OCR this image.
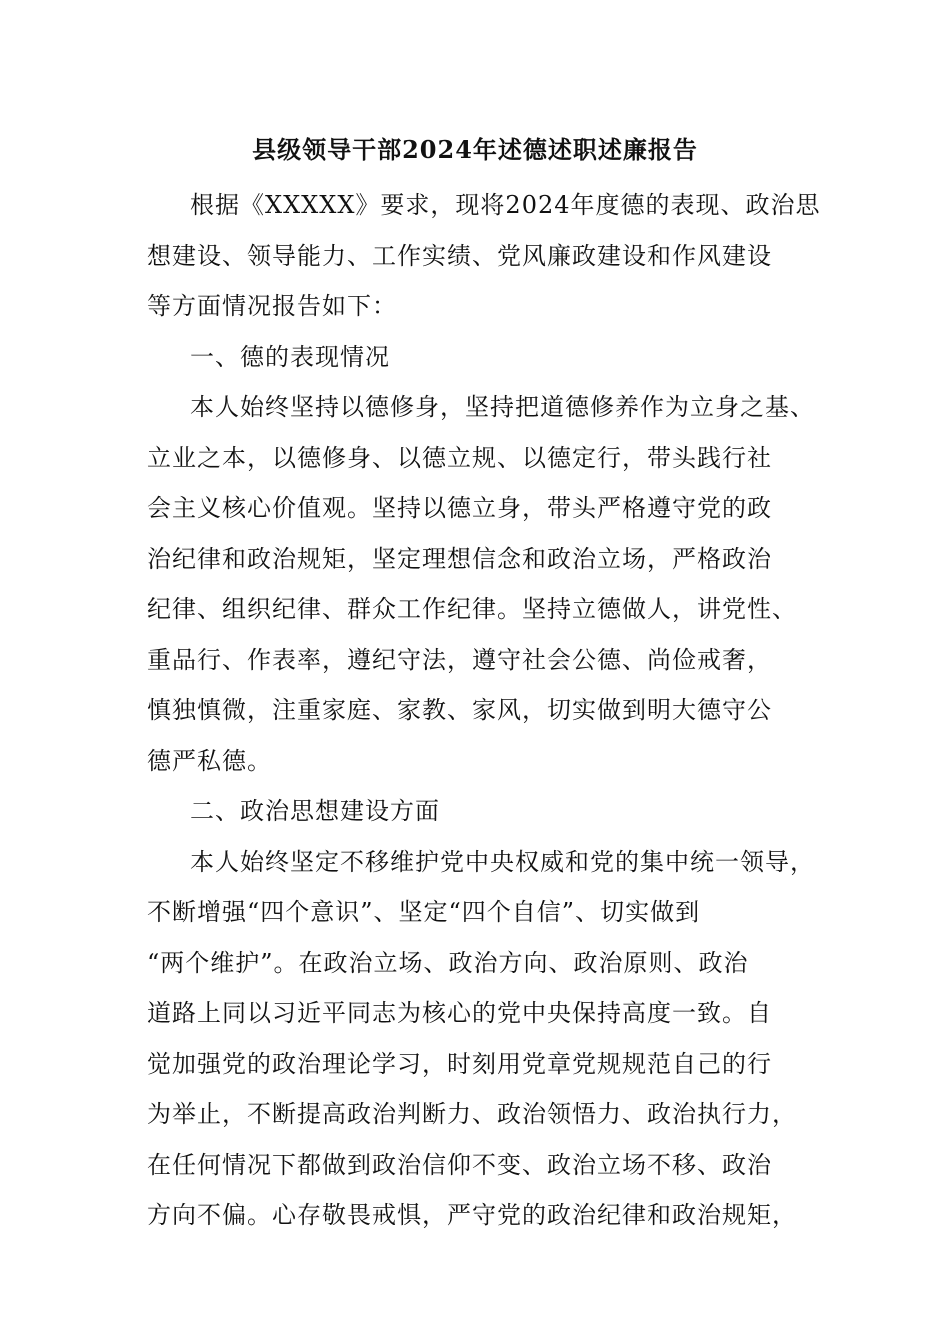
县级领导干部2024年述德述职述廉报告
根据《XXXXX》要求，现将2024年度德的表现、政治思
想建设、领导能力、工作实绩、党风廉政建设和作风建设
等方面情况报告如下：
一、德的表现情况
本人始终坚持以德修身，坚持把道德修养作为立身之基、
立业之本，以德修身、以德立规、以德定行，带头践行社
会主义核心价值观。坚持以德立身，带头严格遵守党的政
治纪律和政治规矩，坚定理想信念和政治立场，严格政治
纪律、组织纪律、群众工作纪律。坚持立德做人，讲党性、
重品行、作表率，遵纪守法，遵守社会公德、尚俭戒奢，
慎独慎微，注重家庭、家教、家风，切实做到明大德守公
德严私德。
二、政治思想建设方面
本人始终坚定不移维护党中央权威和党的集中统一领导，
不断增强“四个意识”、坚定“四个自信”、切实做到
“两个维护”。在政治立场、政治方向、政治原则、政治
道路上同以习近平同志为核心的党中央保持高度一致。自
觉加强党的政治理论学习，时刻用党章党规规范自己的行
为举止，不断提高政治判断力、政治领悟力、政治执行力，
在任何情况下都做到政治信仰不变、政治立场不移、政治
方向不偏。心存敬畏戒惧，严守党的政治纪律和政治规矩，
